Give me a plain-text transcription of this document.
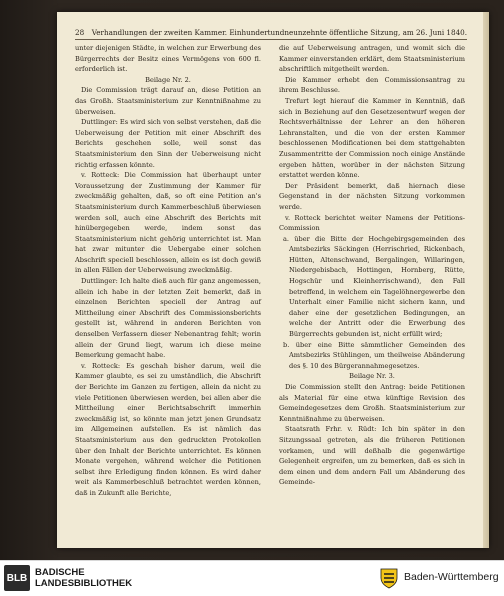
28 Verhandlungen der zweiten Kammer. Einhundertundneunzehnte öffentliche Sitzung, am 26. Juni 1840.

unter diejenigen Städte, in welchen zur Erwerbung des Bürgerrechts der Besitz eines Vermögens von 600 fl. erforderlich ist.

Beilage Nr. 2.

Die Commission trägt darauf an, diese Petition an das Großh. Staatsministerium zur Kenntnißnahme zu überweisen.

Duttlinger: Es wird sich von selbst verstehen, daß die Ueberweisung der Petition mit einer Abschrift des Berichts geschehen solle, weil sonst das Staatsministerium den Sinn der Ueberweisung nicht richtig erfassen könnte.

v. Rotteck: Die Commission hat überhaupt unter Voraussetzung der Zustimmung der Kammer für zweckmäßig gehalten, daß, so oft eine Petition an's Staatsministerium durch Kammerbeschluß überwiesen werden soll, auch eine Abschrift des Berichts mit hinübergegeben werde, indem sonst das Staatsministerium nicht gehörig unterrichtet ist. Man hat zwar mitunter die Uebergabe einer solchen Abschrift speciell beschlossen, allein es ist doch gewiß in allen Fällen der Ueberweisung zweckmäßig.

Duttlinger: Ich halte dieß auch für ganz angemessen, allein ich habe in der letzten Zeit bemerkt, daß in einzelnen Berichten speciell der Antrag auf Mittheilung einer Abschrift des Commissionsberichts gestellt ist, während in anderen Berichten von denselben Verfassern dieser Nebenantrag fehlt; worin allein der Grund liegt, warum ich diese meine Bemerkung gemacht habe.

v. Rotteck: Es geschah bisher darum, weil die Kammer glaubte, es sei zu umständlich, die Abschrift der Berichte im Ganzen zu fertigen, allein da nicht zu viele Petitionen überwiesen werden, bei allen aber die Mittheilung einer Berichtsabschrift immerhin zweckmäßig ist, so könnte man jetzt jenen Grundsatz im Allgemeinen aufstellen. Es ist nämlich das Staatsministerium aus den gedruckten Protokollen über den Inhalt der Berichte unterrichtet. Es können Monate vergehen, während welcher die Petitionen selbst ihre Erledigung finden können. Es wird daher weit als Kammerbeschluß betrachtet werden können, daß in Zukunft alle Berichte,

die auf Ueberweisung antragen, und womit sich die Kammer einverstanden erklärt, dem Staatsministerium abschriftlich mitgetheilt werden.

Die Kammer erhebt den Commissionsantrag zu ihrem Beschlusse.

Trefurt legt hierauf die Kammer in Kenntniß, daß sich in Beziehung auf den Gesetzesentwurf wegen der Rechtsverhältnisse der Lehrer an den höheren Lehranstalten, und die von der ersten Kammer beschlossenen Modificationen bei dem stattgehabten Zusammentritte der Commission noch einige Anstände ergeben hätten, worüber in der nächsten Sitzung erstattet werden könne.

Der Präsident bemerkt, daß hiernach diese Gegenstand in der nächsten Sitzung vorkommen werde.

v. Rotteck berichtet weiter Namens der Petitions-Commission

a. über die Bitte der Hochgebirgsgemeinden des Amtsbezirks Säckingen (Herrischried, Rickenbach, Hütten, Altenschwand, Bergalingen, Willaringen, Niedergebisbach, Hottingen, Hornberg, Rütte, Hogschür und Kleinherrischwand), den Fall betreffend, in welchem ein Tagelöhnergewerbe den Unterhalt einer Familie nicht sichern kann, und daher eine der gesetzlichen Bedingungen, an welche der Antritt oder die Erwerbung des Bürgerrechts gebunden ist, nicht erfüllt wird;

b. über eine Bitte sämmtlicher Gemeinden des Amtsbezirks Stühlingen, um theilweise Abänderung des §. 10 des Bürgerannahmegesetzes.

Beilage Nr. 3.

Die Commission stellt den Antrag: beide Petitionen als Material für eine etwa künftige Revision des Gemeindegesetzes dem Großh. Staatsministerium zur Kenntnißnahme zu überweisen.

Staatsrath Frhr. v. Rüdt: Ich bin später in den Sitzungssaal getreten, als die früheren Petitionen vorkamen, und will deßhalb die gegenwärtige Gelegenheit ergreifen, um zu bemerken, daß es sich in dem einen und dem andern Fall um Abänderung des Gemeinde-

BLB BADISCHE
LANDESBIBLIOTHEK
Baden-Württemberg
